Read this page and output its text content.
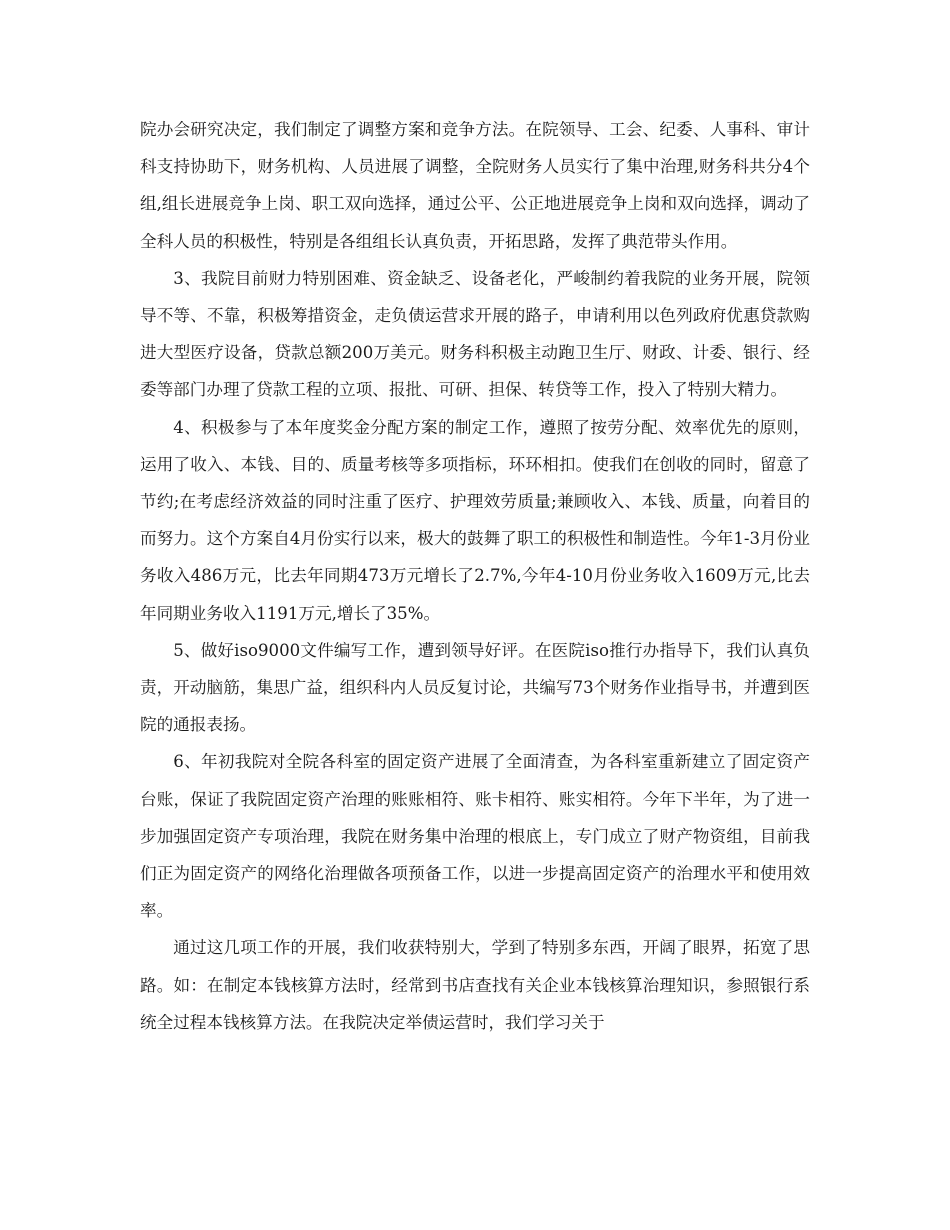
院办会研究决定，我们制定了调整方案和竞争方法。在院领导、工会、纪委、人事科、审计科支持协助下，财务机构、人员进展了调整，全院财务人员实行了集中治理,财务科共分4个组,组长进展竞争上岗、职工双向选择，通过公平、公正地进展竞争上岗和双向选择，调动了全科人员的积极性，特别是各组组长认真负责，开拓思路，发挥了典范带头作用。

3、我院目前财力特别困难、资金缺乏、设备老化，严峻制约着我院的业务开展，院领导不等、不靠，积极筹措资金，走负债运营求开展的路子，申请利用以色列政府优惠贷款购进大型医疗设备，贷款总额200万美元。财务科积极主动跑卫生厅、财政、计委、银行、经委等部门办理了贷款工程的立项、报批、可研、担保、转贷等工作，投入了特别大精力。

4、积极参与了本年度奖金分配方案的制定工作，遵照了按劳分配、效率优先的原则，运用了收入、本钱、目的、质量考核等多项指标，环环相扣。使我们在创收的同时，留意了节约;在考虑经济效益的同时注重了医疗、护理效劳质量;兼顾收入、本钱、质量，向着目的而努力。这个方案自4月份实行以来，极大的鼓舞了职工的积极性和制造性。今年1-3月份业务收入486万元，比去年同期473万元增长了2.7%,今年4-10月份业务收入1609万元,比去年同期业务收入1191万元,增长了35%。

5、做好iso9000文件编写工作，遭到领导好评。在医院iso推行办指导下，我们认真负责，开动脑筋，集思广益，组织科内人员反复讨论，共编写73个财务作业指导书，并遭到医院的通报表扬。

6、年初我院对全院各科室的固定资产进展了全面清查，为各科室重新建立了固定资产台账，保证了我院固定资产治理的账账相符、账卡相符、账实相符。今年下半年，为了进一步加强固定资产专项治理，我院在财务集中治理的根底上，专门成立了财产物资组，目前我们正为固定资产的网络化治理做各项预备工作，以进一步提高固定资产的治理水平和使用效率。

通过这几项工作的开展，我们收获特别大，学到了特别多东西，开阔了眼界，拓宽了思路。如：在制定本钱核算方法时，经常到书店查找有关企业本钱核算治理知识，参照银行系统全过程本钱核算方法。在我院决定举债运营时，我们学习关于
